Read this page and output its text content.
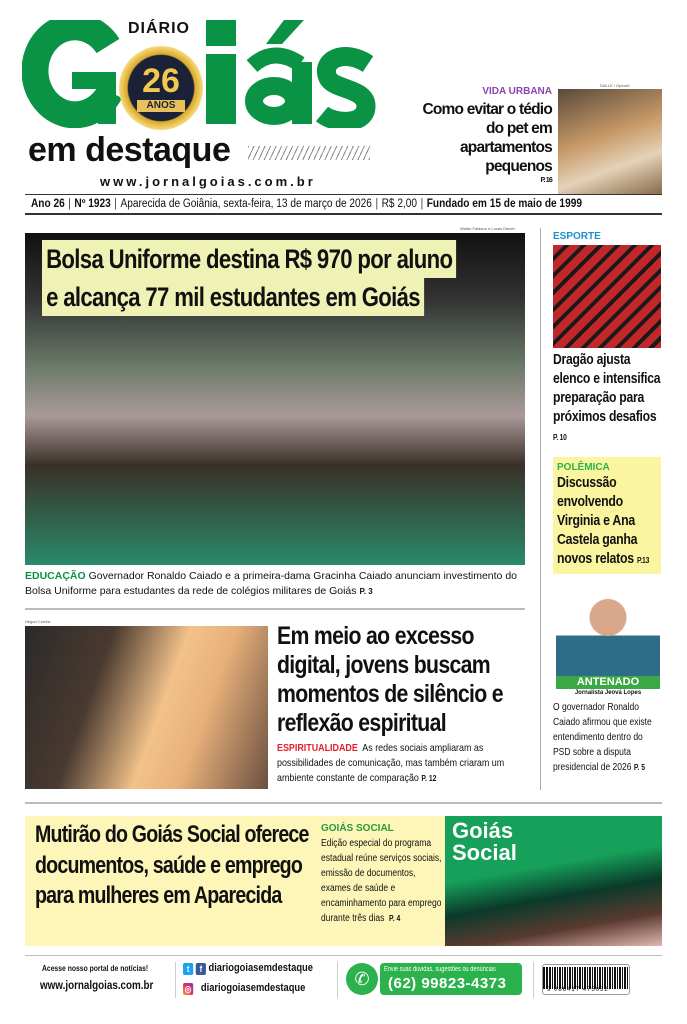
DIÁRIO
26
ANOS
em destaque
www.jornalgoias.com.br
VIDA URBANA
Como evitar o tédio do pet em apartamentos pequenos
P. 16
DALLE / OpenAI
Ano 26 | Nº 1923 | Aparecida de Goiânia, sexta-feira, 13 de março de 2026 | R$ 2,00 | Fundado em 15 de maio de 1999
Walter Fabiano e Lucas Diener
Bolsa Uniforme destina R$ 970 por aluno
e alcança 77 mil estudantes em Goiás
EDUCAÇÃO Governador Ronaldo Caiado e a primeira-dama Gracinha Caiado anunciam investimento do Bolsa Uniforme para estudantes da rede de colégios militares de Goiás P. 3
Hegon Corrêa
Em meio ao excesso digital, jovens buscam momentos de silêncio e reflexão espiritual
ESPIRITUALIDADE As redes sociais ampliaram as possibilidades de comunicação, mas também criaram um ambiente constante de comparação P. 12
ESPORTE
Dragão ajusta elenco e intensifica preparação para próximos desafios P. 10
POLÊMICA
Discussão envolvendo Virginia e Ana Castela ganha novos relatos P.13
ANTENADO
Jornalista Jeová Lopes
O governador Ronaldo Caiado afirmou que existe entendimento dentro do PSD sobre a disputa presidencial de 2026 P. 5
Mutirão do Goiás Social oferece documentos, saúde e emprego para mulheres em Aparecida
GOIÁS SOCIAL
Edição especial do programa estadual reúne serviços sociais, emissão de documentos, exames de saúde e encaminhamento para emprego durante três dias P. 4
Goiás Social
Acesse nosso portal de notícias!
www.jornalgoias.com.br
t	f diariogoiasemdestaque
◎
diariogoiasemdestaque	✆	Envie suas dúvidas, sugestões ou denúncias
(62) 99823-4373	9 086417 475032
